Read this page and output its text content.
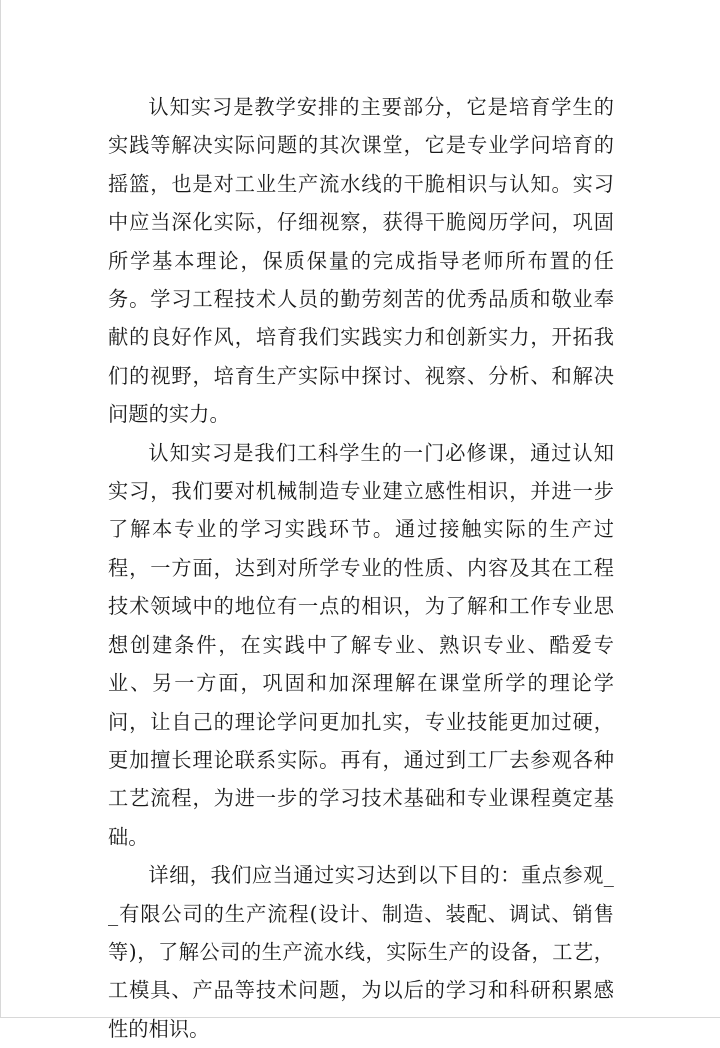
认知实习是教学安排的主要部分，它是培育学生的实践等解决实际问题的其次课堂，它是专业学问培育的摇篮，也是对工业生产流水线的干脆相识与认知。实习中应当深化实际，仔细视察，获得干脆阅历学问，巩固所学基本理论，保质保量的完成指导老师所布置的任务。学习工程技术人员的勤劳刻苦的优秀品质和敬业奉献的良好作风，培育我们实践实力和创新实力，开拓我们的视野，培育生产实际中探讨、视察、分析、和解决问题的实力。

认知实习是我们工科学生的一门必修课，通过认知实习，我们要对机械制造专业建立感性相识，并进一步了解本专业的学习实践环节。通过接触实际的生产过程，一方面，达到对所学专业的性质、内容及其在工程技术领域中的地位有一点的相识，为了解和工作专业思想创建条件，在实践中了解专业、熟识专业、酷爱专业、另一方面，巩固和加深理解在课堂所学的理论学问，让自己的理论学问更加扎实，专业技能更加过硬，更加擅长理论联系实际。再有，通过到工厂去参观各种工艺流程，为进一步的学习技术基础和专业课程奠定基础。

详细，我们应当通过实习达到以下目的：重点参观__有限公司的生产流程(设计、制造、装配、调试、销售等)，了解公司的生产流水线，实际生产的设备，工艺，工模具、产品等技术问题，为以后的学习和科研积累感性的相识。
